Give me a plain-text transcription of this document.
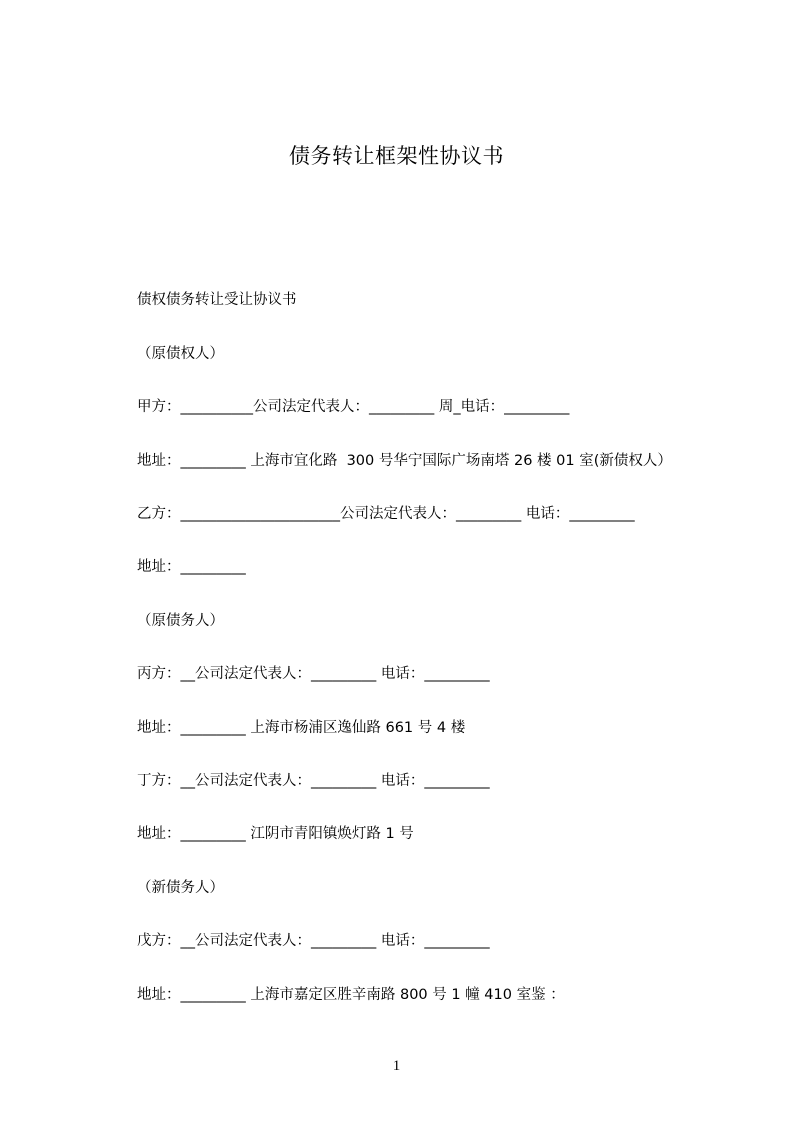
债务转让框架性协议书
债权债务转让受让协议书
（原债权人）
甲方：__________公司法定代表人：_________ 周_电话：_________
地址：_________ 上海市宜化路  300 号华宁国际广场南塔 26 楼 01 室(新债权人）
乙方：______________________公司法定代表人：_________ 电话：_________
地址：_________
（原债务人）
丙方：__公司法定代表人：_________ 电话：_________
地址：_________ 上海市杨浦区逸仙路 661 号 4 楼
丁方：__公司法定代表人：_________ 电话：_________
地址：_________ 江阴市青阳镇焕灯路 1 号
（新债务人）
戊方：__公司法定代表人：_________ 电话：_________
地址：_________ 上海市嘉定区胜辛南路 800 号 1 幢 410 室鉴 ：
1
